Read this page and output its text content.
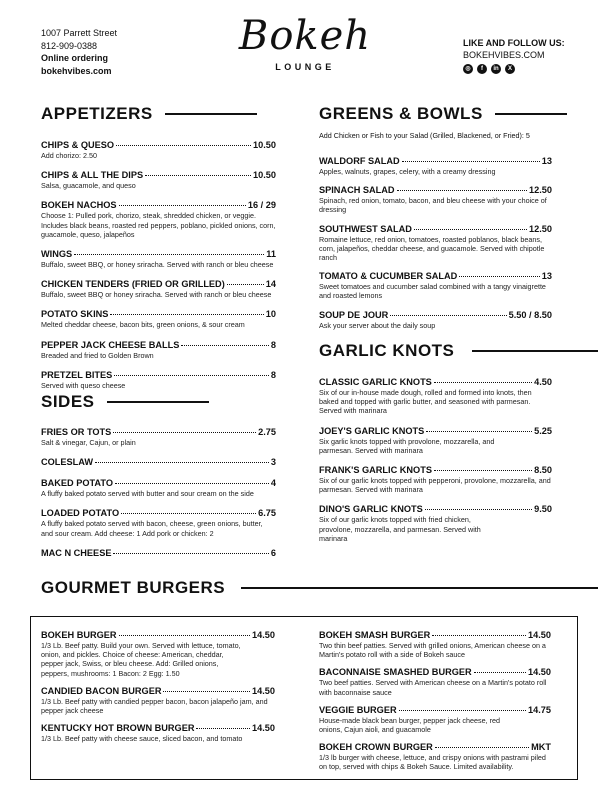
1007 Parrett Street
812-909-0388
Online ordering
bokehvibes.com
Bokeh
LOUNGE
LIKE AND FOLLOW US:
BOKEHVIBES.COM
◎	f	in	X
APPETIZERS
CHIPS & QUESO	10.50
Add chorizo: 2.50
CHIPS & ALL THE DIPS	10.50
Salsa, guacamole, and queso
BOKEH NACHOS	16 / 29
Choose 1: Pulled pork, chorizo, steak, shredded chicken, or veggie. Includes black beans, roasted red peppers, poblano, pickled onions, corn, guacamole, queso, jalapeños
WINGS	11
Buffalo, sweet BBQ, or honey sriracha. Served with ranch or bleu cheese
CHICKEN TENDERS (FRIED OR GRILLED)	14
Buffalo, sweet BBQ or honey sriracha. Served with ranch or bleu cheese
POTATO SKINS	10
Melted cheddar cheese, bacon bits, green onions, & sour cream
PEPPER JACK CHEESE BALLS	8
Breaded and fried to Golden Brown
PRETZEL BITES	8
Served with queso cheese
SIDES
FRIES OR TOTS	2.75
Salt & vinegar, Cajun, or plain
COLESLAW	3
BAKED POTATO	4
A fluffy baked potato served with butter and sour cream on the side
LOADED POTATO	6.75
A fluffy baked potato served with bacon, cheese, green onions, butter, and sour cream. Add cheese: 1 Add pork or chicken: 2
MAC N CHEESE	6
GREENS & BOWLS
Add Chicken or Fish to your Salad (Grilled, Blackened, or Fried): 5
WALDORF SALAD	13
Apples, walnuts, grapes, celery, with a creamy dressing
SPINACH SALAD	12.50
Spinach, red onion, tomato, bacon, and bleu cheese with your choice of dressing
SOUTHWEST SALAD	12.50
Romaine lettuce, red onion, tomatoes, roasted poblanos, black beans, corn, jalapeños, cheddar cheese, and guacamole. Served with chipotle ranch
TOMATO & CUCUMBER SALAD	13
Sweet tomatoes and cucumber salad combined with a tangy vinaigrette and roasted lemons
SOUP DE JOUR	5.50 / 8.50
Ask your server about the daily soup
GARLIC KNOTS
CLASSIC GARLIC KNOTS	4.50
Six of our in-house made dough, rolled and formed into knots, then baked and topped with garlic butter, and seasoned with parmesan. Served with marinara
JOEY'S GARLIC KNOTS	5.25
Six garlic knots topped with provolone, mozzarella, and parmesan. Served with marinara
FRANK'S GARLIC KNOTS	8.50
Six of our garlic knots topped with pepperoni, provolone, mozzarella, and parmesan. Served with marinara
DINO'S GARLIC KNOTS	9.50
Six of our garlic knots topped with fried chicken, provolone, mozzarella, and parmesan. Served with marinara
GOURMET BURGERS
BOKEH BURGER	14.50
1/3 Lb. Beef patty. Build your own. Served with lettuce, tomato, onion, and pickles. Choice of cheese: American, cheddar, pepper jack, Swiss, or bleu cheese. Add: Grilled onions, peppers, mushrooms: 1 Bacon: 2 Egg: 1.50
CANDIED BACON BURGER	14.50
1/3 Lb. Beef patty with candied pepper bacon, bacon jalapeño jam, and pepper jack cheese
KENTUCKY HOT BROWN BURGER	14.50
1/3 Lb. Beef patty with cheese sauce, sliced bacon, and tomato
BOKEH SMASH BURGER	14.50
Two thin beef patties. Served with grilled onions, American cheese on a Martin's potato roll with a side of Bokeh sauce
BACONNAISE SMASHED BURGER	14.50
Two beef patties. Served with American cheese on a Martin's potato roll with baconnaise sauce
VEGGIE BURGER	14.75
House-made black bean burger, pepper jack cheese, red onions, Cajun aioli, and guacamole
BOKEH CROWN BURGER	MKT
1/3 lb burger with cheese, lettuce, and crispy onions with pastrami piled on top, served with chips & Bokeh Sauce. Limited availability.
